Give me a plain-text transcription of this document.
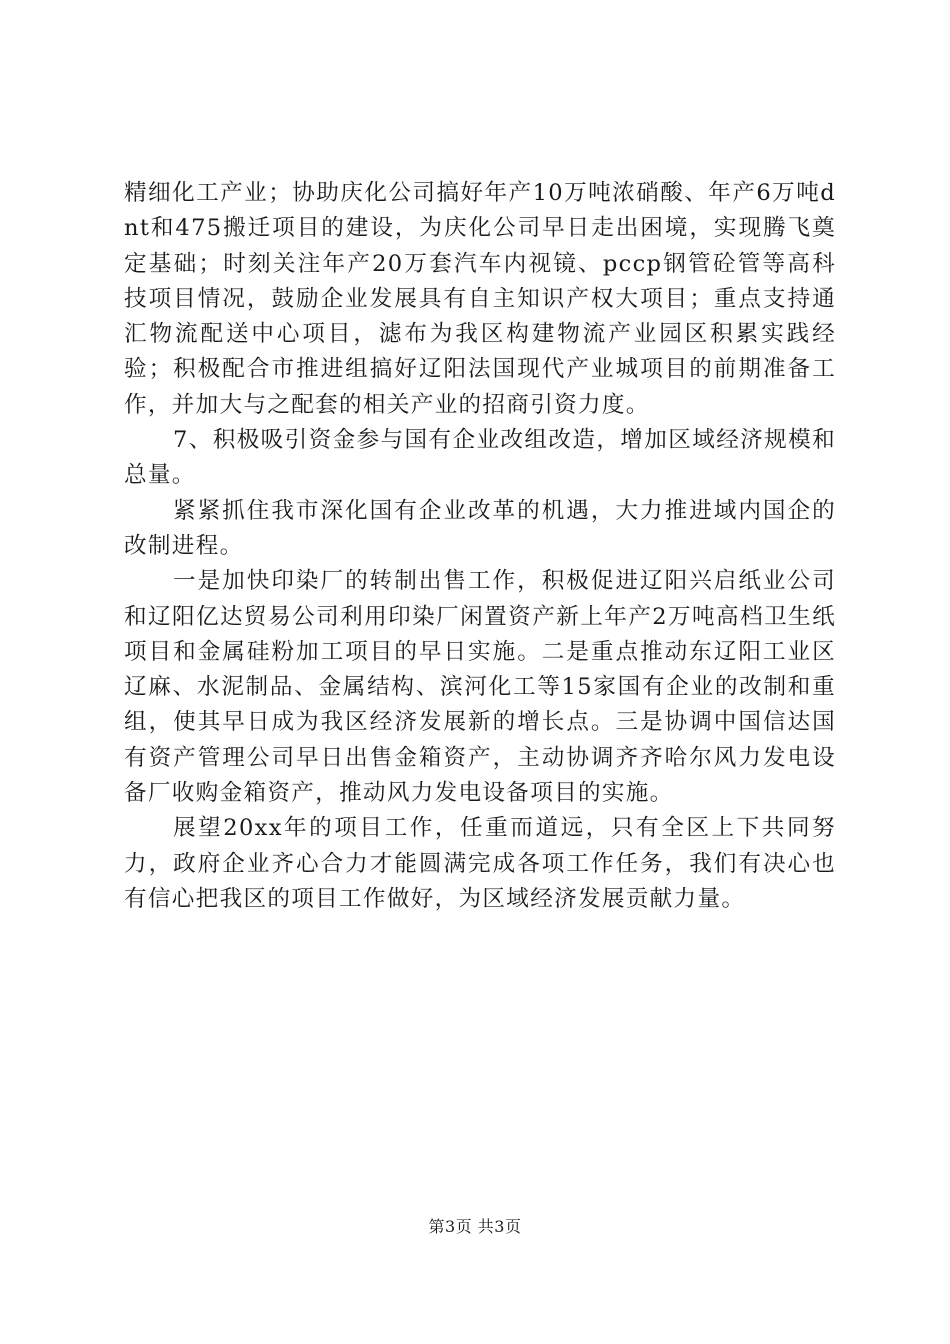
精细化工产业；协助庆化公司搞好年产10万吨浓硝酸、年产6万吨dnt和475搬迁项目的建设，为庆化公司早日走出困境，实现腾飞奠定基础；时刻关注年产20万套汽车内视镜、pccp钢管砼管等高科技项目情况，鼓励企业发展具有自主知识产权大项目；重点支持通汇物流配送中心项目，滤布为我区构建物流产业园区积累实践经验；积极配合市推进组搞好辽阳法国现代产业城项目的前期准备工作，并加大与之配套的相关产业的招商引资力度。

7、积极吸引资金参与国有企业改组改造，增加区域经济规模和总量。

紧紧抓住我市深化国有企业改革的机遇，大力推进域内国企的改制进程。

一是加快印染厂的转制出售工作，积极促进辽阳兴启纸业公司和辽阳亿达贸易公司利用印染厂闲置资产新上年产2万吨高档卫生纸项目和金属硅粉加工项目的早日实施。二是重点推动东辽阳工业区辽麻、水泥制品、金属结构、滨河化工等15家国有企业的改制和重组，使其早日成为我区经济发展新的增长点。三是协调中国信达国有资产管理公司早日出售金箱资产，主动协调齐齐哈尔风力发电设备厂收购金箱资产，推动风力发电设备项目的实施。

展望20xx年的项目工作，任重而道远，只有全区上下共同努力，政府企业齐心合力才能圆满完成各项工作任务，我们有决心也有信心把我区的项目工作做好，为区域经济发展贡献力量。

第3页 共3页
